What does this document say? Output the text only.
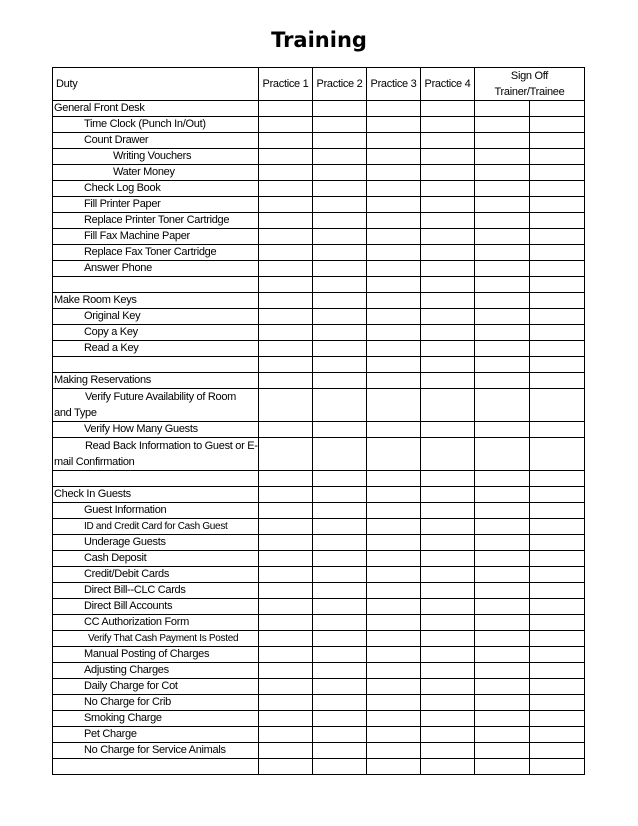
Training
Duty	Practice 1	Practice 2	Practice 3	Practice 4	Sign Off
Trainer/Trainee	

General Front Desk						
Time Clock (Punch In/Out)						
Count Drawer						
Writing Vouchers						
Water Money						
Check Log Book						
Fill Printer Paper						
Replace Printer Toner Cartridge						
Fill Fax Machine Paper						
Replace Fax Toner Cartridge						
Answer Phone						

Make Room Keys						
Original Key						
Copy a Key						
Read a Key						

Making Reservations						

Verify Future Availability of Room
and Type						

Verify How Many Guests						

Read Back Information to Guest or E-
mail Confirmation						

Check In Guests						
Guest Information						
ID and Credit Card for Cash Guest						
Underage Guests						
Cash Deposit						
Credit/Debit Cards						
Direct Bill--CLC Cards						
Direct Bill Accounts						
CC Authorization Form						
Verify That Cash Payment Is Posted						
Manual Posting of Charges						
Adjusting Charges						
Daily Charge for Cot						
No Charge for Crib						
Smoking Charge						
Pet Charge						
No Charge for Service Animals						
